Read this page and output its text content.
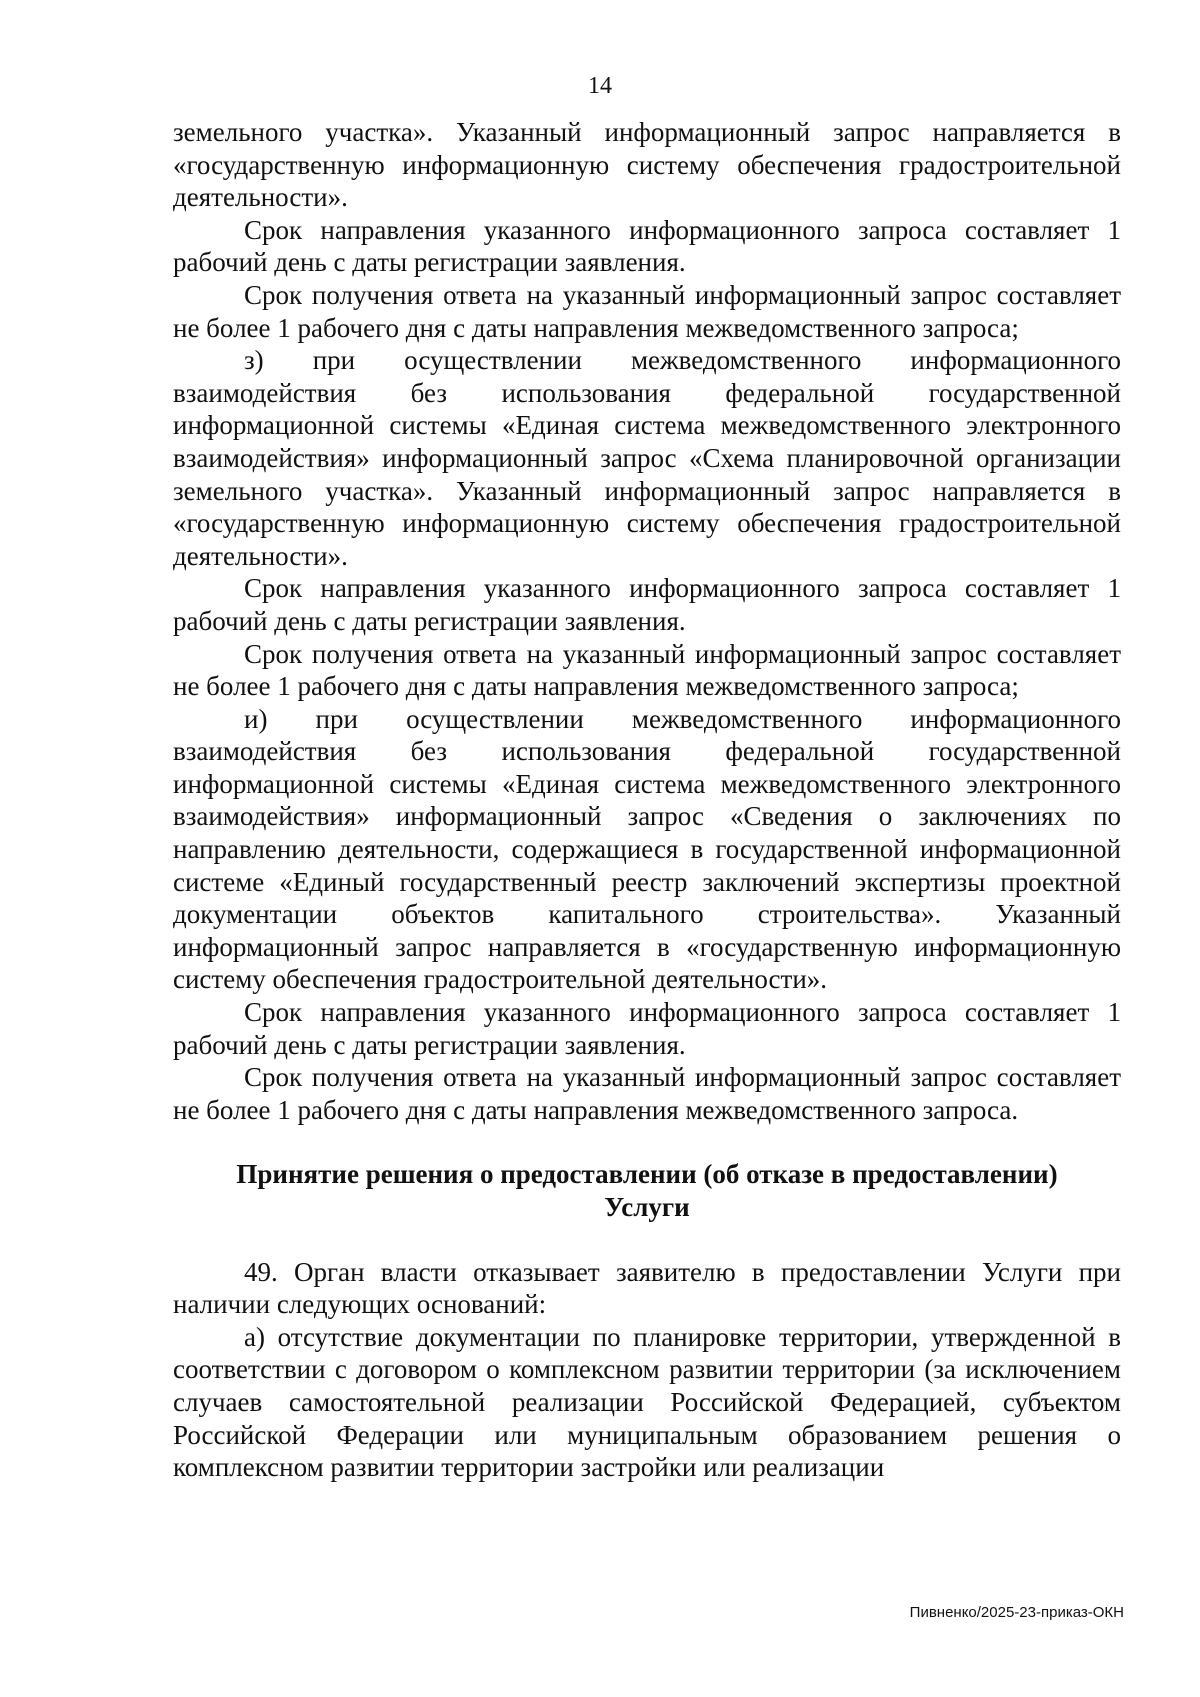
14

земельного участка». Указанный информационный запрос направляется в «государственную информационную систему обеспечения градостроительной деятельности».

Срок направления указанного информационного запроса составляет 1 рабочий день с даты регистрации заявления.

Срок получения ответа на указанный информационный запрос составляет не более 1 рабочего дня с даты направления межведомственного запроса;

з) при осуществлении межведомственного информационного взаимодействия без использования федеральной государственной информационной системы «Единая система межведомственного электронного взаимодействия» информационный запрос «Схема планировочной организации земельного участка». Указанный информационный запрос направляется в «государственную информационную систему обеспечения градостроительной деятельности».

Срок направления указанного информационного запроса составляет 1 рабочий день с даты регистрации заявления.

Срок получения ответа на указанный информационный запрос составляет не более 1 рабочего дня с даты направления межведомственного запроса;

и) при осуществлении межведомственного информационного взаимодействия без использования федеральной государственной информационной системы «Единая система межведомственного электронного взаимодействия» информационный запрос «Сведения о заключениях по направлению деятельности, содержащиеся в государственной информационной системе «Единый государственный реестр заключений экспертизы проектной документации объектов капитального строительства». Указанный информационный запрос направляется в «государственную информационную систему обеспечения градостроительной деятельности».

Срок направления указанного информационного запроса составляет 1 рабочий день с даты регистрации заявления.

Срок получения ответа на указанный информационный запрос составляет не более 1 рабочего дня с даты направления межведомственного запроса.

Принятие решения о предоставлении (об отказе в предоставлении)
Услуги

49. Орган власти отказывает заявителю в предоставлении Услуги при наличии следующих оснований:

а) отсутствие документации по планировке территории, утвержденной в соответствии с договором о комплексном развитии территории (за исключением случаев самостоятельной реализации Российской Федерацией, субъектом Российской Федерации или муниципальным образованием решения о комплексном развитии территории застройки или реализации

Пивненко/2025-23-приказ-ОКН
